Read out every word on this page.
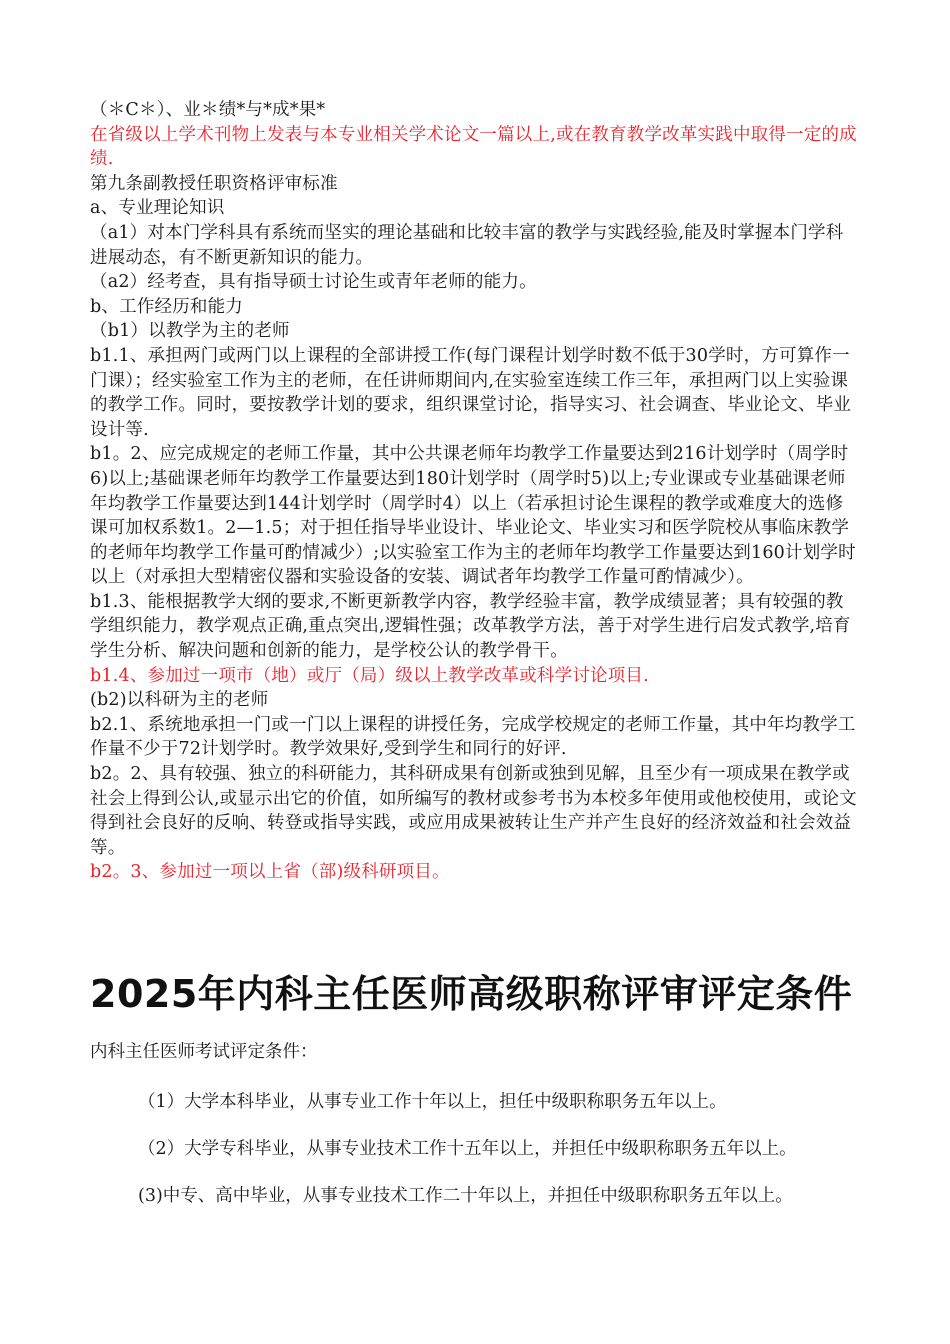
（＊C＊）、业＊绩*与*成*果*

在省级以上学术刊物上发表与本专业相关学术论文一篇以上,或在教育教学改革实践中取得一定的成绩.

第九条副教授任职资格评审标准

a、专业理论知识

（a1）对本门学科具有系统而坚实的理论基础和比较丰富的教学与实践经验,能及时掌握本门学科进展动态，有不断更新知识的能力。

（a2）经考查，具有指导硕士讨论生或青年老师的能力。

b、工作经历和能力

（b1）以教学为主的老师

b1.1、承担两门或两门以上课程的全部讲授工作(每门课程计划学时数不低于30学时，方可算作一门课）；经实验室工作为主的老师，在任讲师期间内,在实验室连续工作三年，承担两门以上实验课的教学工作。同时，要按教学计划的要求，组织课堂讨论，指导实习、社会调查、毕业论文、毕业设计等.

b1。2、应完成规定的老师工作量，其中公共课老师年均教学工作量要达到216计划学时（周学时6)以上;基础课老师年均教学工作量要达到180计划学时（周学时5)以上;专业课或专业基础课老师年均教学工作量要达到144计划学时（周学时4）以上（若承担讨论生课程的教学或难度大的选修课可加权系数1。2—1.5；对于担任指导毕业设计、毕业论文、毕业实习和医学院校从事临床教学的老师年均教学工作量可酌情减少）;以实验室工作为主的老师年均教学工作量要达到160计划学时以上（对承担大型精密仪器和实验设备的安装、调试者年均教学工作量可酌情减少）。

b1.3、能根据教学大纲的要求,不断更新教学内容，教学经验丰富，教学成绩显著；具有较强的教学组织能力，教学观点正确,重点突出,逻辑性强；改革教学方法，善于对学生进行启发式教学,培育学生分析、解决问题和创新的能力，是学校公认的教学骨干。

b1.4、参加过一项市（地）或厅（局）级以上教学改革或科学讨论项目.

(b2)以科研为主的老师

b2.1、系统地承担一门或一门以上课程的讲授任务，完成学校规定的老师工作量，其中年均教学工作量不少于72计划学时。教学效果好,受到学生和同行的好评.

b2。2、具有较强、独立的科研能力，其科研成果有创新或独到见解，且至少有一项成果在教学或社会上得到公认,或显示出它的价值，如所编写的教材或参考书为本校多年使用或他校使用，或论文得到社会良好的反响、转登或指导实践，或应用成果被转让生产并产生良好的经济效益和社会效益等。

b2。3、参加过一项以上省（部)级科研项目。

2025年内科主任医师高级职称评审评定条件

内科主任医师考试评定条件：

（1）大学本科毕业，从事专业工作十年以上，担任中级职称职务五年以上。

（2）大学专科毕业，从事专业技术工作十五年以上，并担任中级职称职务五年以上。

(3)中专、高中毕业，从事专业技术工作二十年以上，并担任中级职称职务五年以上。
